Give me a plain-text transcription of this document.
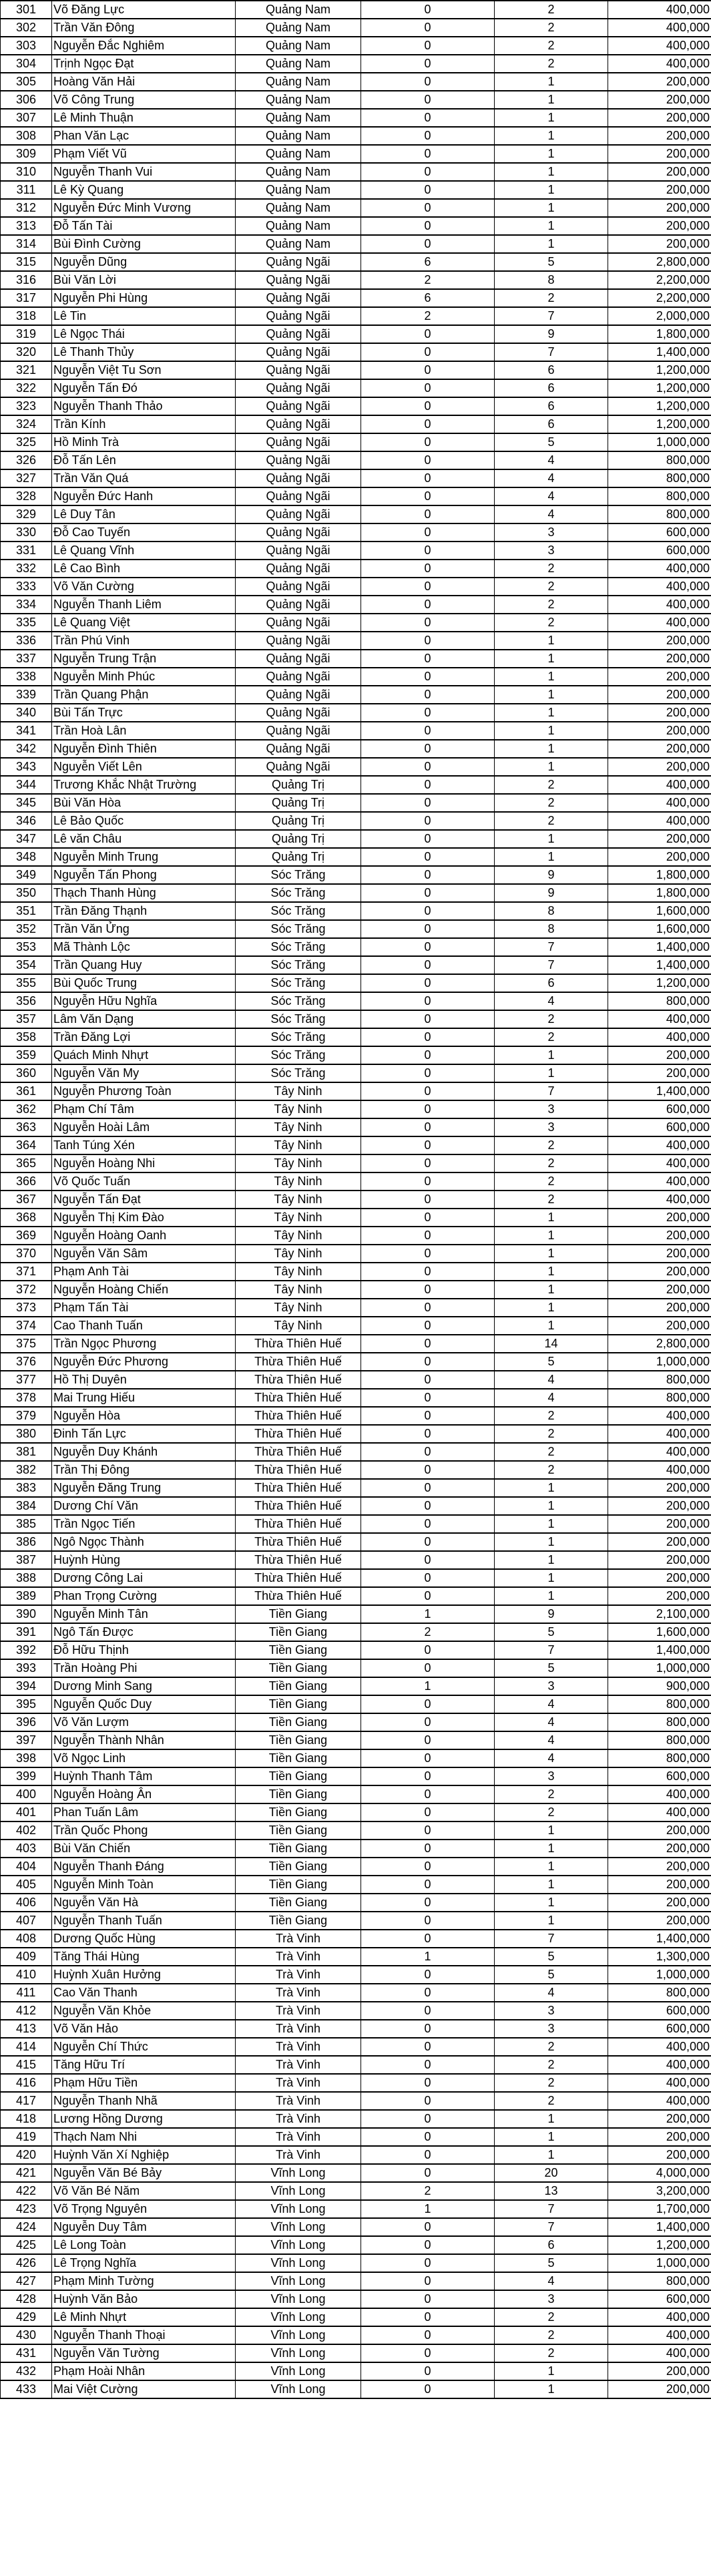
301	Võ Đăng Lực	Quảng Nam	0	2	400,000
302	Trần Văn Đông	Quảng Nam	0	2	400,000
303	Nguyễn Đắc Nghiêm	Quảng Nam	0	2	400,000
304	Trịnh Ngọc Đạt	Quảng Nam	0	2	400,000
305	Hoàng Văn Hải	Quảng Nam	0	1	200,000
306	Võ Công Trung	Quảng Nam	0	1	200,000
307	Lê Minh Thuận	Quảng Nam	0	1	200,000
308	Phan Văn Lạc	Quảng Nam	0	1	200,000
309	Phạm Viết Vũ	Quảng Nam	0	1	200,000
310	Nguyễn Thanh Vui	Quảng Nam	0	1	200,000
311	Lê Kỳ Quang	Quảng Nam	0	1	200,000
312	Nguyễn Đức Minh Vương	Quảng Nam	0	1	200,000
313	Đỗ Tấn Tài	Quảng Nam	0	1	200,000
314	Bùi Đình Cường	Quảng Nam	0	1	200,000
315	Nguyễn Dũng	Quảng Ngãi	6	5	2,800,000
316	Bùi Văn Lời	Quảng Ngãi	2	8	2,200,000
317	Nguyễn Phi Hùng	Quảng Ngãi	6	2	2,200,000
318	Lê Tin	Quảng Ngãi	2	7	2,000,000
319	Lê Ngọc Thái	Quảng Ngãi	0	9	1,800,000
320	Lê Thanh Thủy	Quảng Ngãi	0	7	1,400,000
321	Nguyễn Việt Tu Sơn	Quảng Ngãi	0	6	1,200,000
322	Nguyễn Tấn Đó	Quảng Ngãi	0	6	1,200,000
323	Nguyễn Thanh Thảo	Quảng Ngãi	0	6	1,200,000
324	Trần Kính	Quảng Ngãi	0	6	1,200,000
325	Hồ Minh Trà	Quảng Ngãi	0	5	1,000,000
326	Đỗ Tấn Lên	Quảng Ngãi	0	4	800,000
327	Trần Văn Quá	Quảng Ngãi	0	4	800,000
328	Nguyễn Đức Hanh	Quảng Ngãi	0	4	800,000
329	Lê Duy Tân	Quảng Ngãi	0	4	800,000
330	Đỗ Cao Tuyến	Quảng Ngãi	0	3	600,000
331	Lê Quang Vĩnh	Quảng Ngãi	0	3	600,000
332	Lê Cao Bình	Quảng Ngãi	0	2	400,000
333	Võ Văn Cường	Quảng Ngãi	0	2	400,000
334	Nguyễn Thanh Liêm	Quảng Ngãi	0	2	400,000
335	Lê Quang Việt	Quảng Ngãi	0	2	400,000
336	Trần Phú Vinh	Quảng Ngãi	0	1	200,000
337	Nguyễn Trung Trận	Quảng Ngãi	0	1	200,000
338	Nguyễn Minh Phúc	Quảng Ngãi	0	1	200,000
339	Trần Quang Phận	Quảng Ngãi	0	1	200,000
340	Bùi Tấn Trực	Quảng Ngãi	0	1	200,000
341	Trần Hoà Lân	Quảng Ngãi	0	1	200,000
342	Nguyễn Đình Thiên	Quảng Ngãi	0	1	200,000
343	Nguyễn Viết Lên	Quảng Ngãi	0	1	200,000
344	Trương Khắc Nhật Trường	Quảng Trị	0	2	400,000
345	Bùi Văn Hòa	Quảng Trị	0	2	400,000
346	Lê Bảo Quốc	Quảng Trị	0	2	400,000
347	Lê văn Châu	Quảng Trị	0	1	200,000
348	Nguyễn Minh Trung	Quảng Trị	0	1	200,000
349	Nguyễn Tấn Phong	Sóc Trăng	0	9	1,800,000
350	Thạch Thanh Hùng	Sóc Trăng	0	9	1,800,000
351	Trần Đăng Thạnh	Sóc Trăng	0	8	1,600,000
352	Trần Văn Ửng	Sóc Trăng	0	8	1,600,000
353	Mã Thành Lộc	Sóc Trăng	0	7	1,400,000
354	Trần Quang Huy	Sóc Trăng	0	7	1,400,000
355	Bùi Quốc Trung	Sóc Trăng	0	6	1,200,000
356	Nguyễn Hữu Nghĩa	Sóc Trăng	0	4	800,000
357	Lâm Văn Dạng	Sóc Trăng	0	2	400,000
358	Trần Đăng Lợi	Sóc Trăng	0	2	400,000
359	Quách Minh Nhựt	Sóc Trăng	0	1	200,000
360	Nguyễn Văn My	Sóc Trăng	0	1	200,000
361	Nguyễn Phương Toàn	Tây Ninh	0	7	1,400,000
362	Phạm Chí Tâm	Tây Ninh	0	3	600,000
363	Nguyễn Hoài Lâm	Tây Ninh	0	3	600,000
364	Tanh Túng Xén	Tây Ninh	0	2	400,000
365	Nguyễn Hoàng Nhi	Tây Ninh	0	2	400,000
366	Võ Quốc Tuấn	Tây Ninh	0	2	400,000
367	Nguyễn Tấn Đạt	Tây Ninh	0	2	400,000
368	Nguyễn Thị Kim Đào	Tây Ninh	0	1	200,000
369	Nguyễn Hoàng Oanh	Tây Ninh	0	1	200,000
370	Nguyễn Văn Sâm	Tây Ninh	0	1	200,000
371	Phạm Anh Tài	Tây Ninh	0	1	200,000
372	Nguyễn Hoàng Chiến	Tây Ninh	0	1	200,000
373	Phạm Tấn Tài	Tây Ninh	0	1	200,000
374	Cao Thanh Tuấn	Tây Ninh	0	1	200,000
375	Trần Ngọc Phương	Thừa Thiên Huế	0	14	2,800,000
376	Nguyễn Đức Phương	Thừa Thiên Huế	0	5	1,000,000
377	Hồ Thị Duyên	Thừa Thiên Huế	0	4	800,000
378	Mai Trung Hiếu	Thừa Thiên Huế	0	4	800,000
379	Nguyễn Hòa	Thừa Thiên Huế	0	2	400,000
380	Đinh Tấn Lực	Thừa Thiên Huế	0	2	400,000
381	Nguyễn Duy Khánh	Thừa Thiên Huế	0	2	400,000
382	Trần Thị Đông	Thừa Thiên Huế	0	2	400,000
383	Nguyễn Đăng Trung	Thừa Thiên Huế	0	1	200,000
384	Dương Chí Văn	Thừa Thiên Huế	0	1	200,000
385	Trần Ngọc Tiến	Thừa Thiên Huế	0	1	200,000
386	Ngô Ngọc Thành	Thừa Thiên Huế	0	1	200,000
387	Huỳnh Hùng	Thừa Thiên Huế	0	1	200,000
388	Dương Công Lai	Thừa Thiên Huế	0	1	200,000
389	Phan Trọng Cường	Thừa Thiên Huế	0	1	200,000
390	Nguyễn Minh Tân	Tiền Giang	1	9	2,100,000
391	Ngô Tấn Được	Tiền Giang	2	5	1,600,000
392	Đỗ Hữu Thịnh	Tiền Giang	0	7	1,400,000
393	Trần Hoàng Phi	Tiền Giang	0	5	1,000,000
394	Dương Minh Sang	Tiền Giang	1	3	900,000
395	Nguyễn Quốc Duy	Tiền Giang	0	4	800,000
396	Võ Văn Lượm	Tiền Giang	0	4	800,000
397	Nguyễn Thành Nhân	Tiền Giang	0	4	800,000
398	Võ Ngọc Linh	Tiền Giang	0	4	800,000
399	Huỳnh Thanh Tâm	Tiền Giang	0	3	600,000
400	Nguyễn Hoàng Ân	Tiền Giang	0	2	400,000
401	Phan Tuấn Lâm	Tiền Giang	0	2	400,000
402	Trần Quốc Phong	Tiền Giang	0	1	200,000
403	Bùi Văn Chiến	Tiền Giang	0	1	200,000
404	Nguyễn Thanh Đáng	Tiền Giang	0	1	200,000
405	Nguyễn Minh Toàn	Tiền Giang	0	1	200,000
406	Nguyễn Văn Hà	Tiền Giang	0	1	200,000
407	Nguyễn Thanh Tuấn	Tiền Giang	0	1	200,000
408	Dương Quốc Hùng	Trà Vinh	0	7	1,400,000
409	Tăng Thái Hùng	Trà Vinh	1	5	1,300,000
410	Huỳnh Xuân Hưởng	Trà Vinh	0	5	1,000,000
411	Cao Văn Thanh	Trà Vinh	0	4	800,000
412	Nguyễn Văn Khỏe	Trà Vinh	0	3	600,000
413	Võ Văn Hảo	Trà Vinh	0	3	600,000
414	Nguyễn Chí Thức	Trà Vinh	0	2	400,000
415	Tăng Hữu Trí	Trà Vinh	0	2	400,000
416	Phạm Hữu Tiền	Trà Vinh	0	2	400,000
417	Nguyễn Thanh Nhã	Trà Vinh	0	2	400,000
418	Lương Hồng Dương	Trà Vinh	0	1	200,000
419	Thạch Nam Nhi	Trà Vinh	0	1	200,000
420	Huỳnh Văn Xí Nghiệp	Trà Vinh	0	1	200,000
421	Nguyễn Văn Bé Bảy	Vĩnh Long	0	20	4,000,000
422	Võ Văn Bé Năm	Vĩnh Long	2	13	3,200,000
423	Võ Trọng Nguyên	Vĩnh Long	1	7	1,700,000
424	Nguyễn Duy Tâm	Vĩnh Long	0	7	1,400,000
425	Lê Long Toàn	Vĩnh Long	0	6	1,200,000
426	Lê Trọng Nghĩa	Vĩnh Long	0	5	1,000,000
427	Phạm Minh Tường	Vĩnh Long	0	4	800,000
428	Huỳnh Văn Bảo	Vĩnh Long	0	3	600,000
429	Lê Minh Nhựt	Vĩnh Long	0	2	400,000
430	Nguyễn Thanh Thoại	Vĩnh Long	0	2	400,000
431	Nguyễn Văn Tường	Vĩnh Long	0	2	400,000
432	Phạm Hoài Nhân	Vĩnh Long	0	1	200,000
433	Mai Việt Cường	Vĩnh Long	0	1	200,000
